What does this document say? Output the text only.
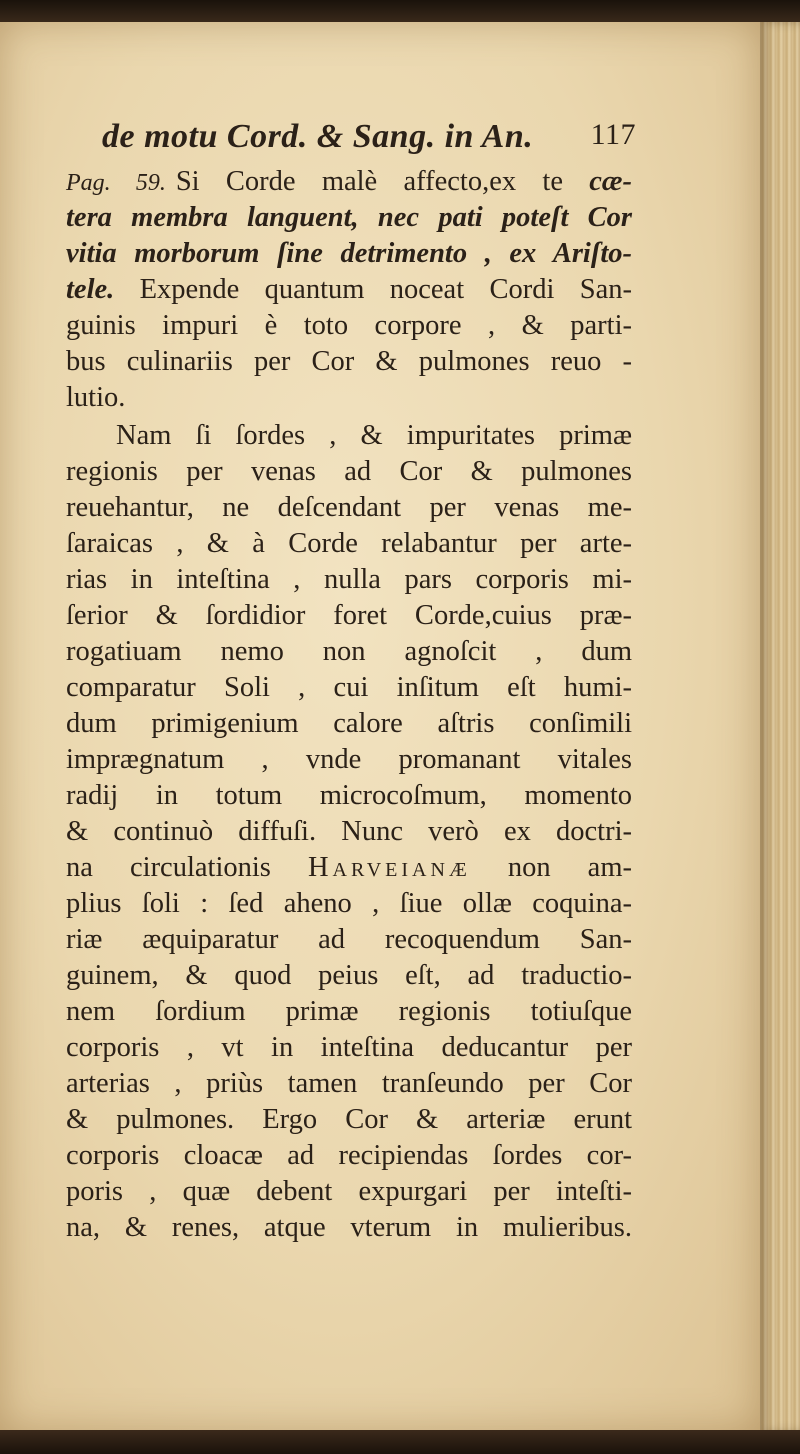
de motu Cord. & Sang. in An. 117
Pag. 59. Si Corde malè affecto,ex te cæ-
tera membra languent, nec pati poteſt Cor
vitia morborum ſine detrimento , ex Ariſto-
tele. Expende quantum noceat Cordi San-
guinis impuri è toto corpore , & parti-
bus culinariis per Cor & pulmones reuo -
lutio.
Nam ſi ſordes , & impuritates primæ
regionis per venas ad Cor & pulmones
reuehantur, ne deſcendant per venas me-
ſaraicas , & à Corde relabantur per arte-
rias in inteſtina , nulla pars corporis mi-
ſerior & ſordidior foret Corde,cuius præ-
rogatiuam nemo non agnoſcit , dum
comparatur Soli , cui inſitum eſt humi-
dum primigenium calore aſtris conſimili
imprægnatum , vnde promanant vitales
radij in totum microcoſmum, momento
& continuò diffuſi. Nunc verò ex doctri-
na circulationis Harveianæ non am-
plius ſoli : ſed aheno , ſiue ollæ coquina-
riæ æquiparatur ad recoquendum San-
guinem, & quod peius eſt, ad traductio-
nem ſordium primæ regionis totiuſque
corporis , vt in inteſtina deducantur per
arterias , priùs tamen tranſeundo per Cor
& pulmones. Ergo Cor & arteriæ erunt
corporis cloacæ ad recipiendas ſordes cor-
poris , quæ debent expurgari per inteſti-
na, & renes, atque vterum in mulieribus.
